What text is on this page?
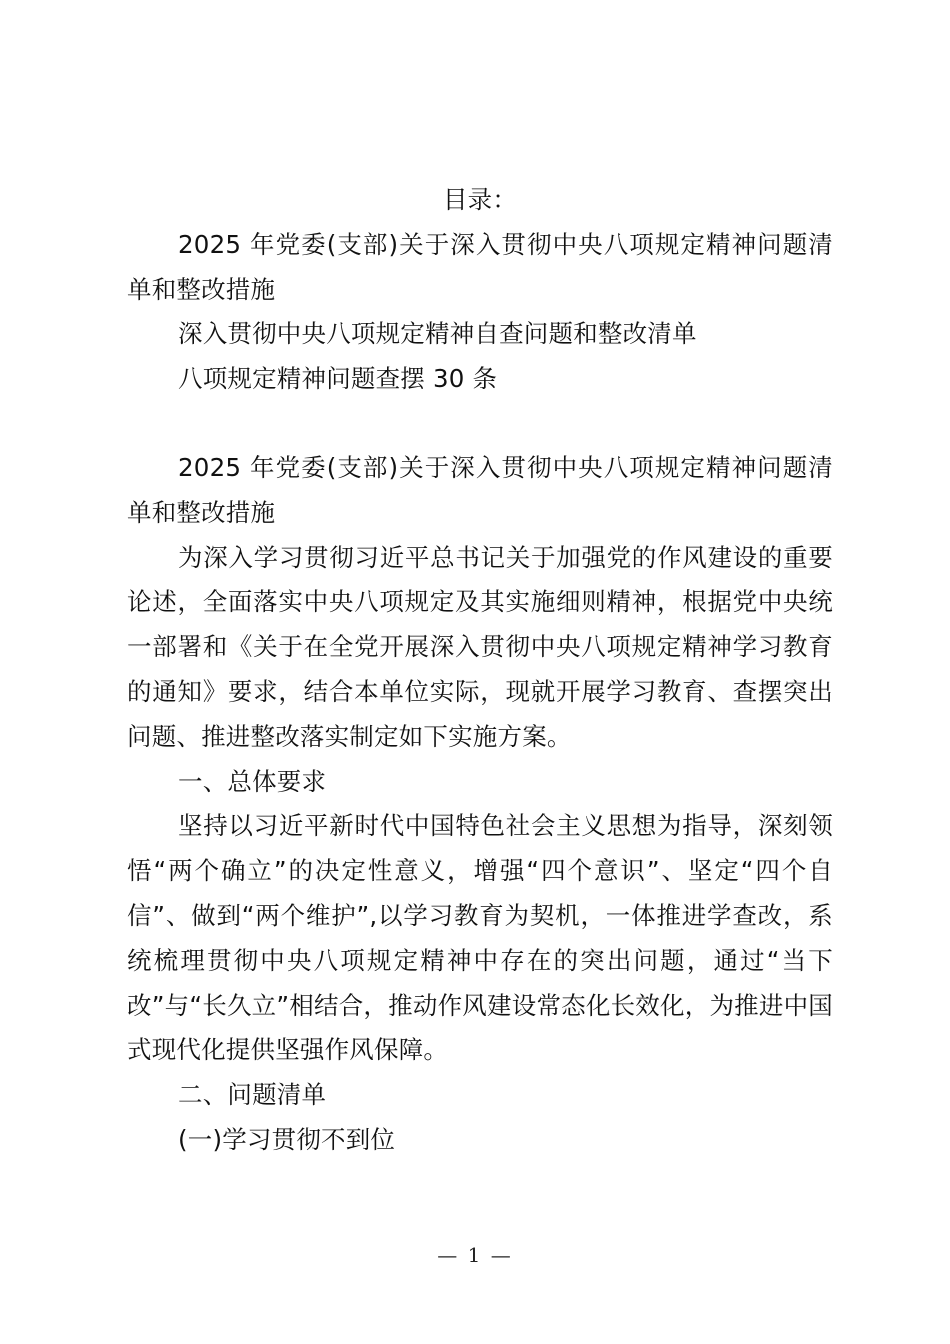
目录：

2025 年党委(支部)关于深入贯彻中央八项规定精神问题清单和整改措施

深入贯彻中央八项规定精神自查问题和整改清单

八项规定精神问题查摆 30 条

2025 年党委(支部)关于深入贯彻中央八项规定精神问题清单和整改措施

为深入学习贯彻习近平总书记关于加强党的作风建设的重要论述，全面落实中央八项规定及其实施细则精神，根据党中央统一部署和《关于在全党开展深入贯彻中央八项规定精神学习教育的通知》要求，结合本单位实际，现就开展学习教育、查摆突出问题、推进整改落实制定如下实施方案。

一、总体要求

坚持以习近平新时代中国特色社会主义思想为指导，深刻领悟“两个确立”的决定性意义，增强“四个意识”、坚定“四个自信”、做到“两个维护”,以学习教育为契机，一体推进学查改，系统梳理贯彻中央八项规定精神中存在的突出问题，通过“当下改”与“长久立”相结合，推动作风建设常态化长效化，为推进中国式现代化提供坚强作风保障。

二、问题清单

(一)学习贯彻不到位

— 1 —
